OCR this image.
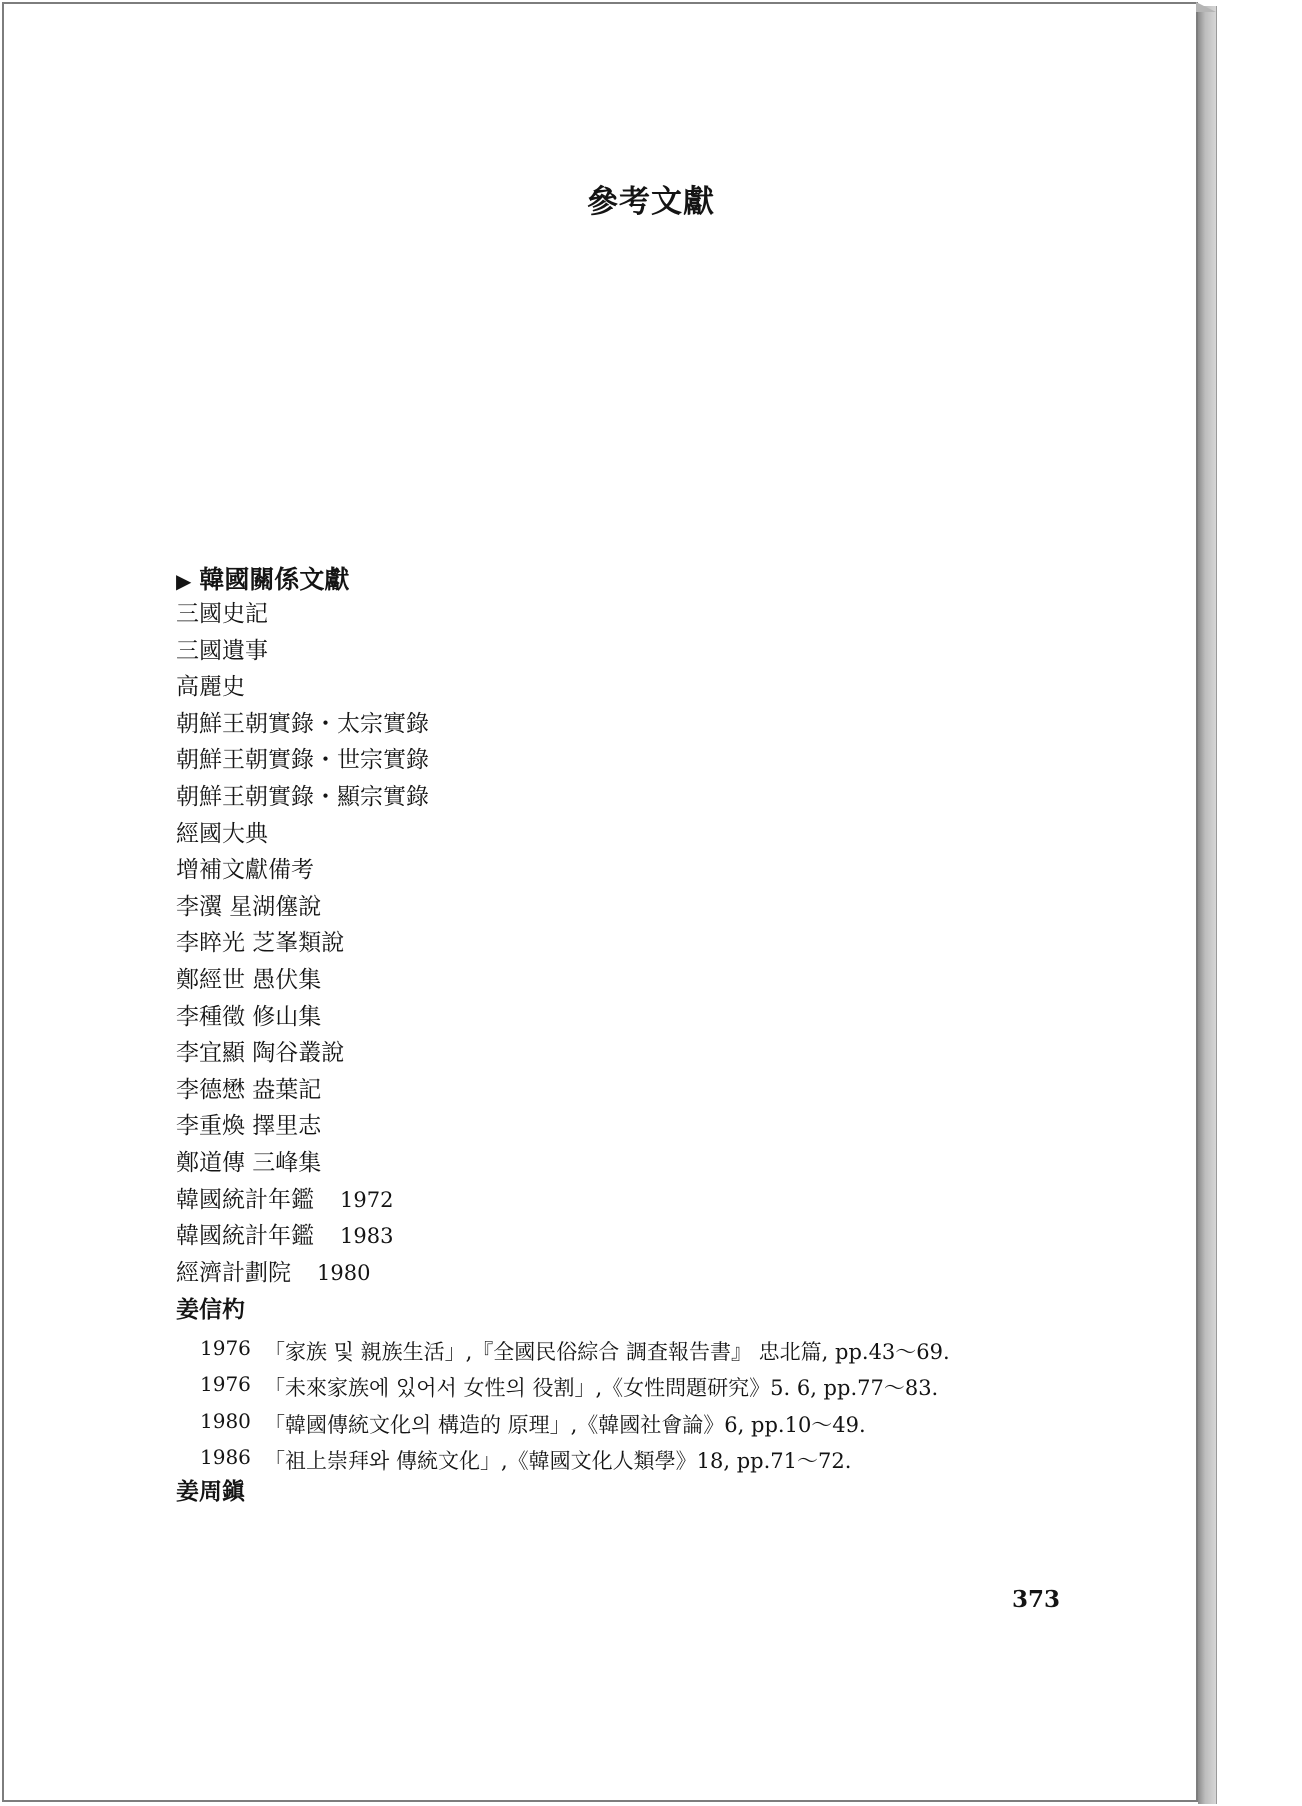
參考文獻
▶ 韓國關係文獻
三國史記
三國遺事
高麗史
朝鮮王朝實錄・太宗實錄
朝鮮王朝實錄・世宗實錄
朝鮮王朝實錄・顯宗實錄
經國大典
增補文獻備考
李瀷 星湖僿說
李睟光 芝峯類說
鄭經世 愚伏集
李種徵 修山集
李宜顯 陶谷叢說
李德懋 盎葉記
李重煥 擇里志
鄭道傳 三峰集
韓國統計年鑑 1972
韓國統計年鑑 1983
經濟計劃院 1980
姜信杓
1976 「家族 및 親族生活」,『全國民俗綜合 調査報告書』 忠北篇, pp.43～69.
1976 「未來家族에 있어서 女性의 役割」,《女性問題研究》5. 6, pp.77～83.
1980 「韓國傳統文化의 構造的 原理」,《韓國社會論》6, pp.10～49.
1986 「祖上崇拜와 傳統文化」,《韓國文化人類學》18, pp.71～72.
姜周鎭
373
